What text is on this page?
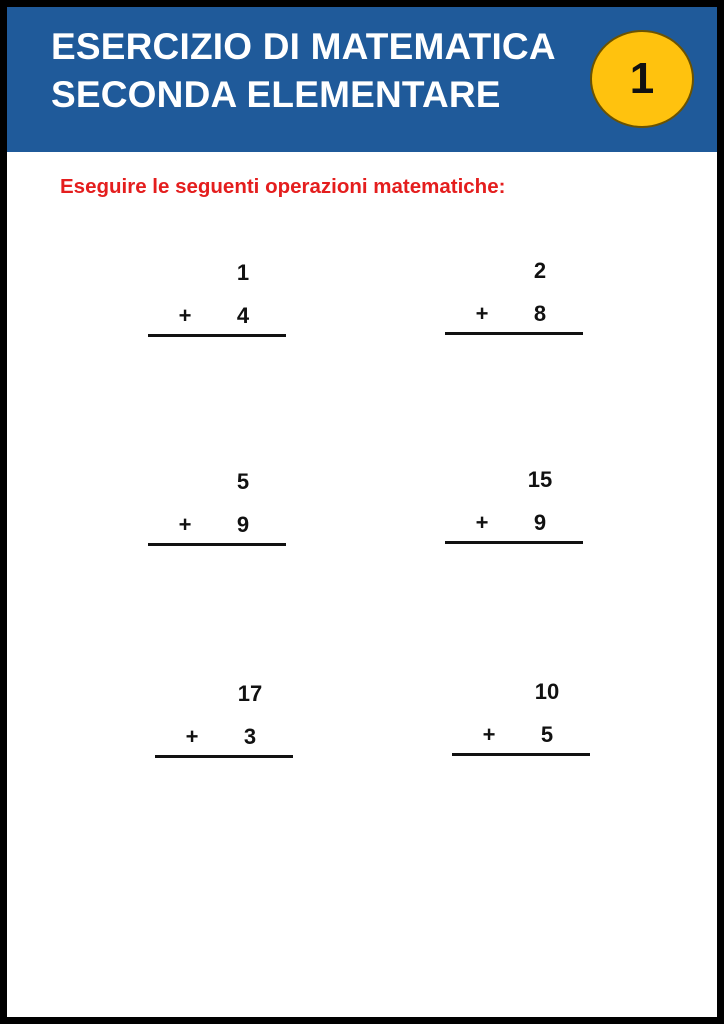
ESERCIZIO DI MATEMATICA
SECONDA ELEMENTARE	1
Eseguire le seguenti operazioni matematiche:
1
+	4
2
+	8
5
+	9
15
+	9
17
+	3
10
+	5
